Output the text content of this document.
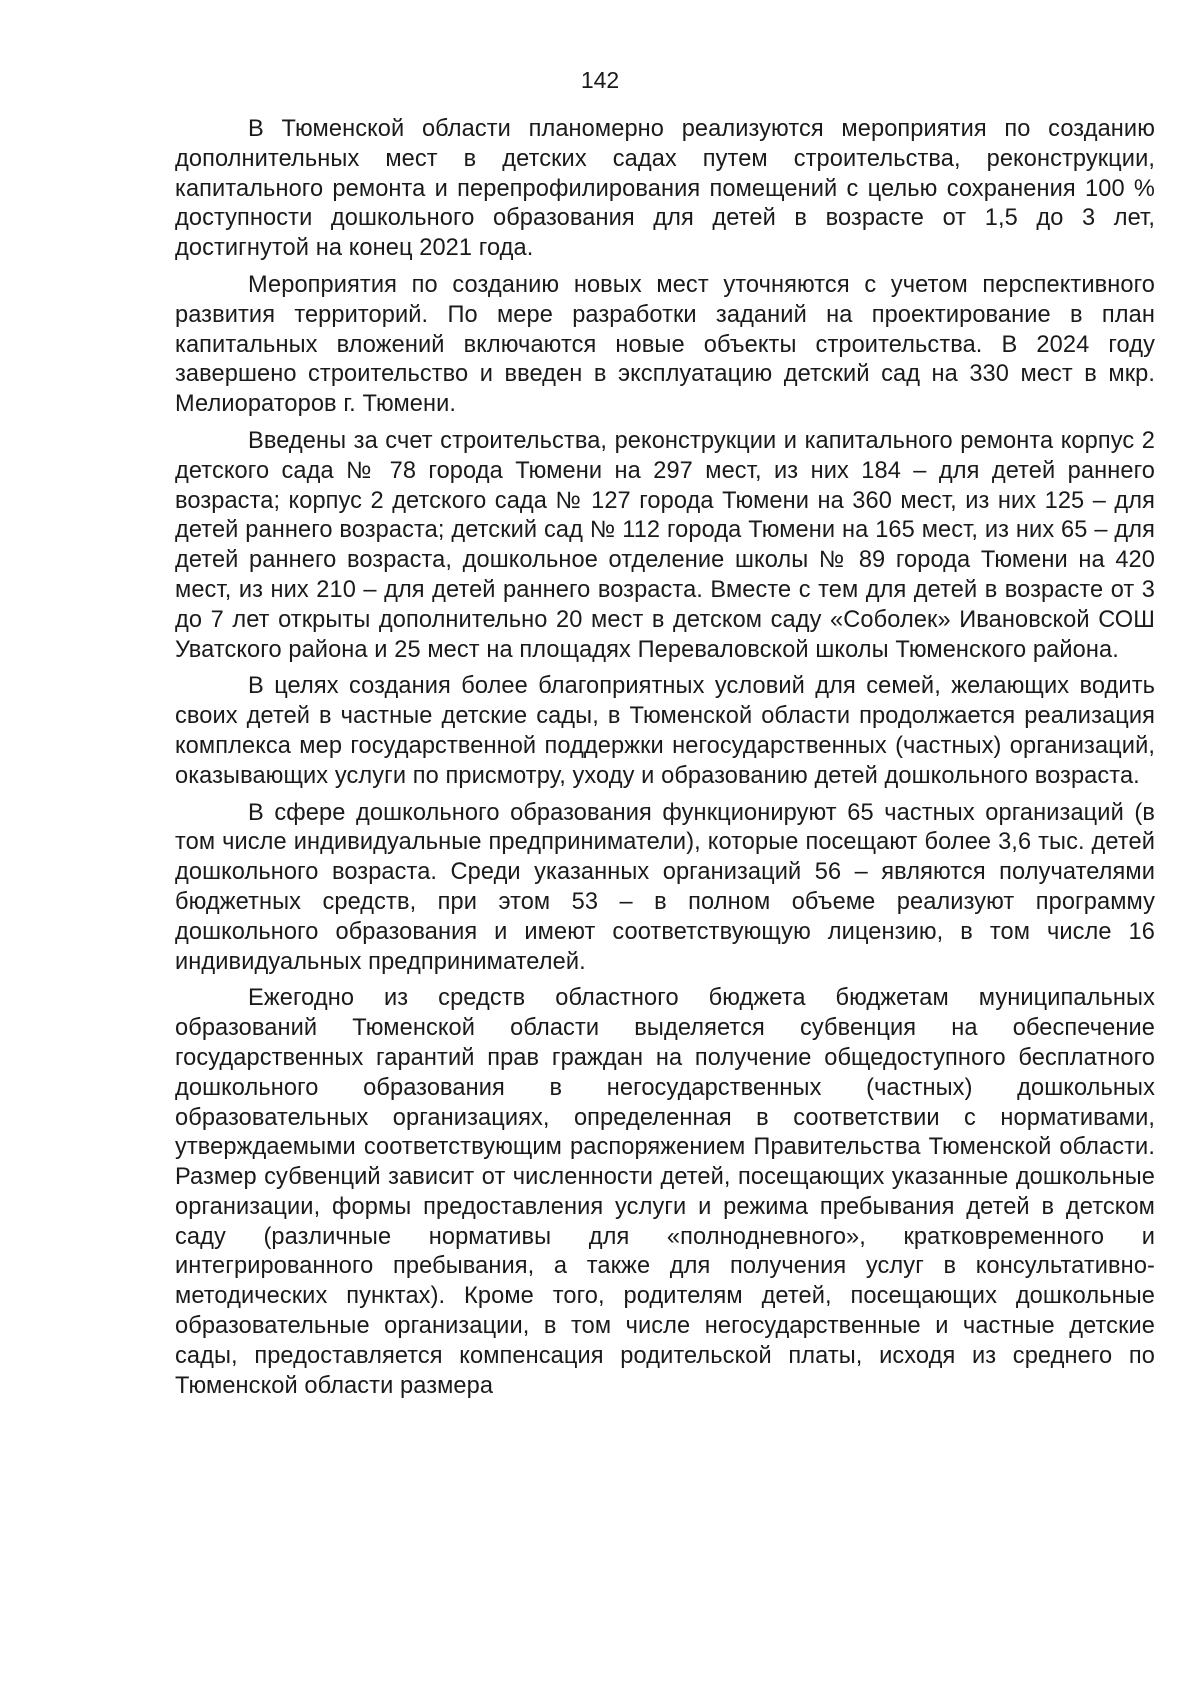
142

В Тюменской области планомерно реализуются мероприятия по созданию дополнительных мест в детских садах путем строительства, реконструкции, капитального ремонта и перепрофилирования помещений с целью сохранения 100 % доступности дошкольного образования для детей в возрасте от 1,5 до 3 лет, достигнутой на конец 2021 года.

Мероприятия по созданию новых мест уточняются с учетом перспективного развития территорий. По мере разработки заданий на проектирование в план капитальных вложений включаются новые объекты строительства. В 2024 году завершено строительство и введен в эксплуатацию детский сад на 330 мест в мкр. Мелиораторов г. Тюмени.

Введены за счет строительства, реконструкции и капитального ремонта корпус 2 детского сада № 78 города Тюмени на 297 мест, из них 184 – для детей раннего возраста; корпус 2 детского сада № 127 города Тюмени на 360 мест, из них 125 – для детей раннего возраста; детский сад № 112 города Тюмени на 165 мест, из них 65 – для детей раннего возраста, дошкольное отделение школы № 89 города Тюмени на 420 мест, из них 210 – для детей раннего возраста. Вместе с тем для детей в возрасте от 3 до 7 лет открыты дополнительно 20 мест в детском саду «Соболек» Ивановской СОШ Уватского района и 25 мест на площадях Переваловской школы Тюменского района.

В целях создания более благоприятных условий для семей, желающих водить своих детей в частные детские сады, в Тюменской области продолжается реализация комплекса мер государственной поддержки негосударственных (частных) организаций, оказывающих услуги по присмотру, уходу и образованию детей дошкольного возраста.

В сфере дошкольного образования функционируют 65 частных организаций (в том числе индивидуальные предприниматели), которые посещают более 3,6 тыс. детей дошкольного возраста. Среди указанных организаций 56 – являются получателями бюджетных средств, при этом 53 – в полном объеме реализуют программу дошкольного образования и имеют соответствующую лицензию, в том числе 16 индивидуальных предпринимателей.

Ежегодно из средств областного бюджета бюджетам муниципальных образований Тюменской области выделяется субвенция на обеспечение государственных гарантий прав граждан на получение общедоступного бесплатного дошкольного образования в негосударственных (частных) дошкольных образовательных организациях, определенная в соответствии с нормативами, утверждаемыми соответствующим распоряжением Правительства Тюменской области. Размер субвенций зависит от численности детей, посещающих указанные дошкольные организации, формы предоставления услуги и режима пребывания детей в детском саду (различные нормативы для «полнодневного», кратковременного и интегрированного пребывания, а также для получения услуг в консультативно-методических пунктах). Кроме того, родителям детей, посещающих дошкольные образовательные организации, в том числе негосударственные и частные детские сады, предоставляется компенсация родительской платы, исходя из среднего по Тюменской области размера
